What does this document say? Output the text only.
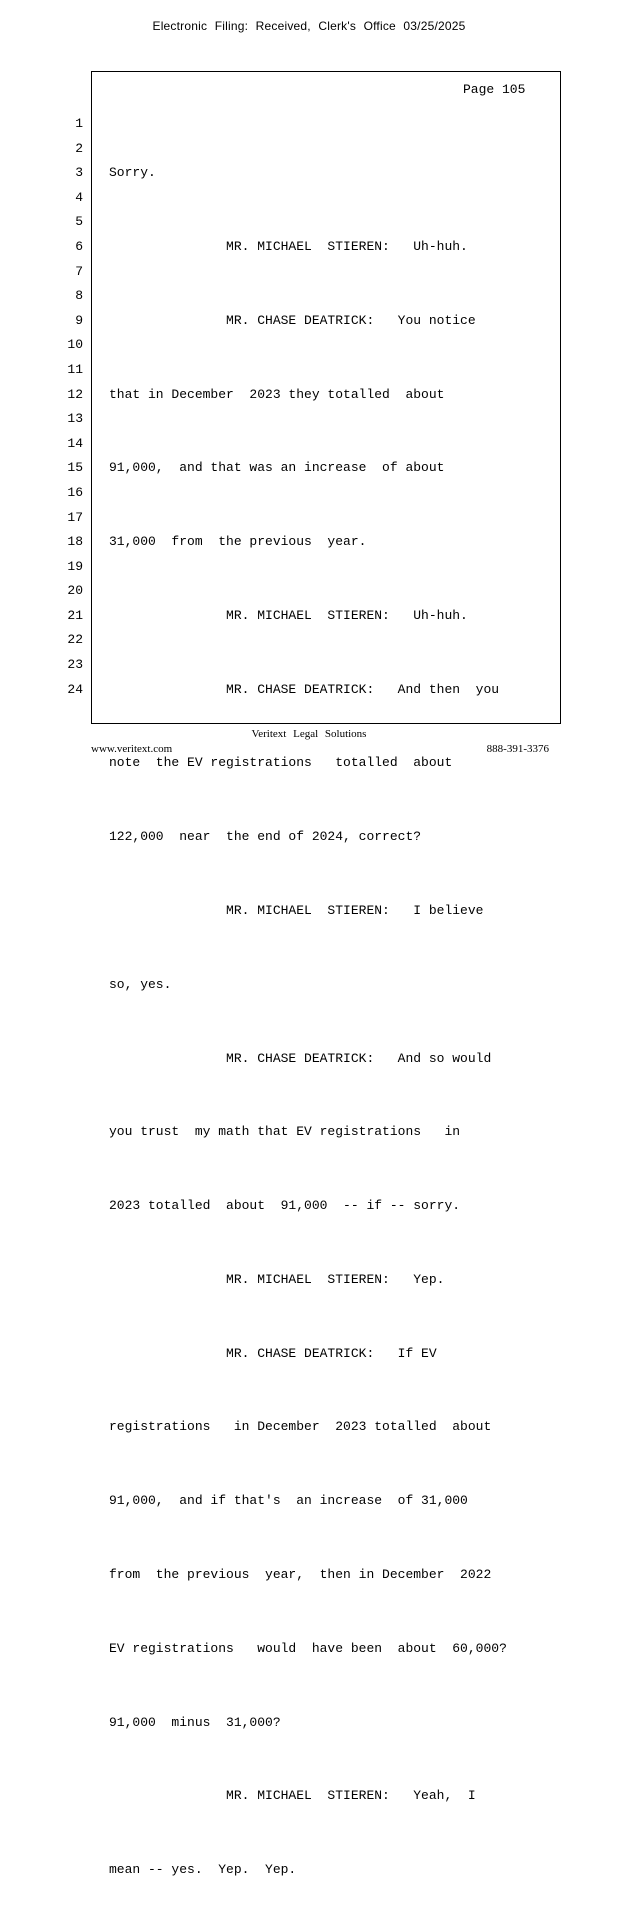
Electronic Filing: Received, Clerk's Office 03/25/2025
Page 105
1
2
3
4
5
6
7
8
9
10
11
12
13
14
15
16
17
18
19
20
21
22
23
24

Sorry.

MR. MICHAEL  STIEREN:   Uh-huh.

MR. CHASE DEATRICK:   You notice

that in December  2023 they totalled  about

91,000,  and that was an increase  of about

31,000  from  the previous  year.

MR. MICHAEL  STIEREN:   Uh-huh.

MR. CHASE DEATRICK:   And then  you

note  the EV registrations   totalled  about

122,000  near  the end of 2024, correct?

MR. MICHAEL  STIEREN:   I believe

so, yes.

MR. CHASE DEATRICK:   And so would

you trust  my math that EV registrations   in

2023 totalled  about  91,000  -- if -- sorry.

MR. MICHAEL  STIEREN:   Yep.

MR. CHASE DEATRICK:   If EV

registrations   in December  2023 totalled  about

91,000,  and if that's  an increase  of 31,000

from  the previous  year,  then in December  2022

EV registrations   would  have been  about  60,000?

91,000  minus  31,000?

MR. MICHAEL  STIEREN:   Yeah,  I

mean -- yes.  Yep.  Yep.

Veritext Legal Solutions
www.veritext.com	888-391-3376
